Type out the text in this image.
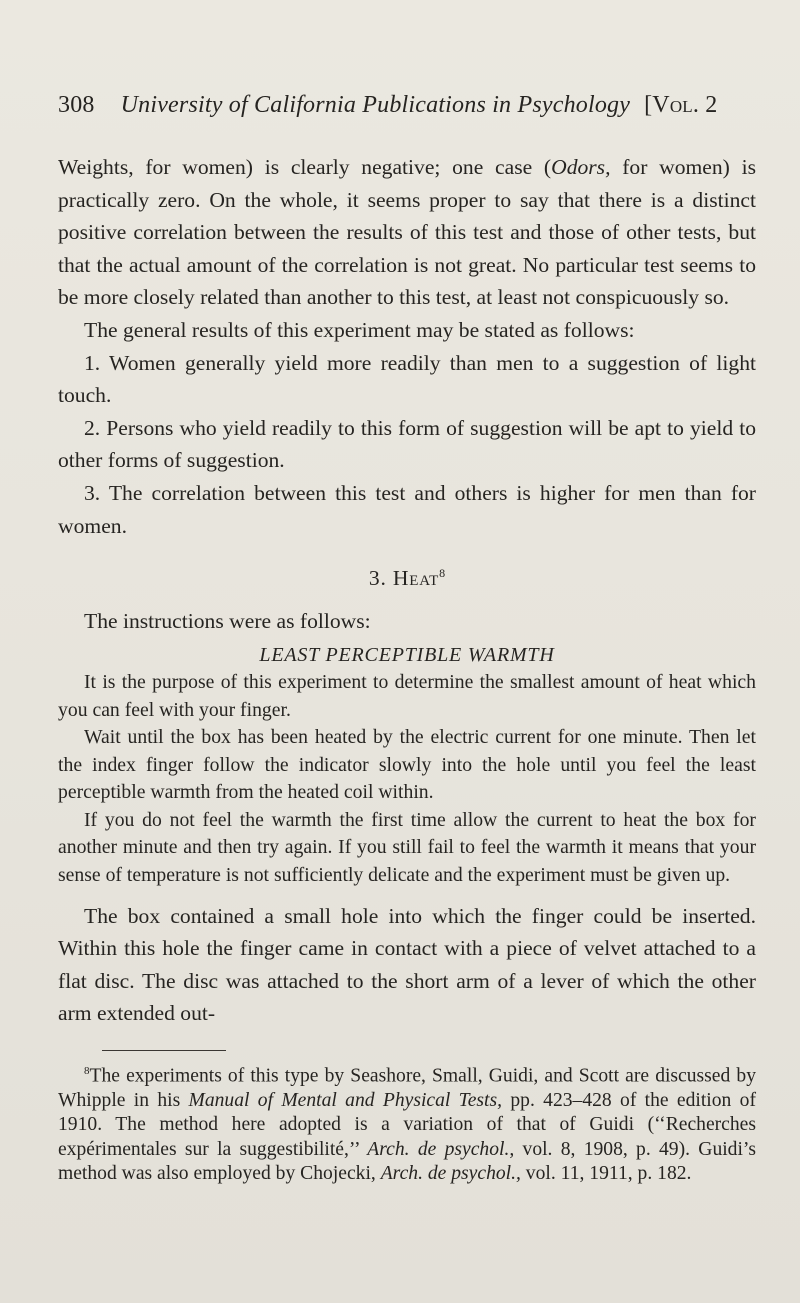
308 University of California Publications in Psychology [Vol. 2

Weights, for women) is clearly negative; one case (Odors, for women) is practically zero. On the whole, it seems proper to say that there is a distinct positive correlation between the results of this test and those of other tests, but that the actual amount of the correlation is not great. No particular test seems to be more closely related than another to this test, at least not conspicuously so.

The general results of this experiment may be stated as follows:

1. Women generally yield more readily than men to a suggestion of light touch.

2. Persons who yield readily to this form of suggestion will be apt to yield to other forms of suggestion.

3. The correlation between this test and others is higher for men than for women.

3. Heat$^8$

The instructions were as follows:

LEAST PERCEPTIBLE WARMTH

It is the purpose of this experiment to determine the smallest amount of heat which you can feel with your finger.

Wait until the box has been heated by the electric current for one minute. Then let the index finger follow the indicator slowly into the hole until you feel the least perceptible warmth from the heated coil within.

If you do not feel the warmth the first time allow the current to heat the box for another minute and then try again. If you still fail to feel the warmth it means that your sense of temperature is not sufficiently delicate and the experiment must be given up.

The box contained a small hole into which the finger could be inserted. Within this hole the finger came in contact with a piece of velvet attached to a flat disc. The disc was attached to the short arm of a lever of which the other arm extended out-

$^8$The experiments of this type by Seashore, Small, Guidi, and Scott are discussed by Whipple in his Manual of Mental and Physical Tests, pp. 423–428 of the edition of 1910. The method here adopted is a variation of that of Guidi (‘‘Recherches expérimentales sur la suggestibilité,’’ Arch. de psychol., vol. 8, 1908, p. 49). Guidi’s method was also employed by Chojecki, Arch. de psychol., vol. 11, 1911, p. 182.
